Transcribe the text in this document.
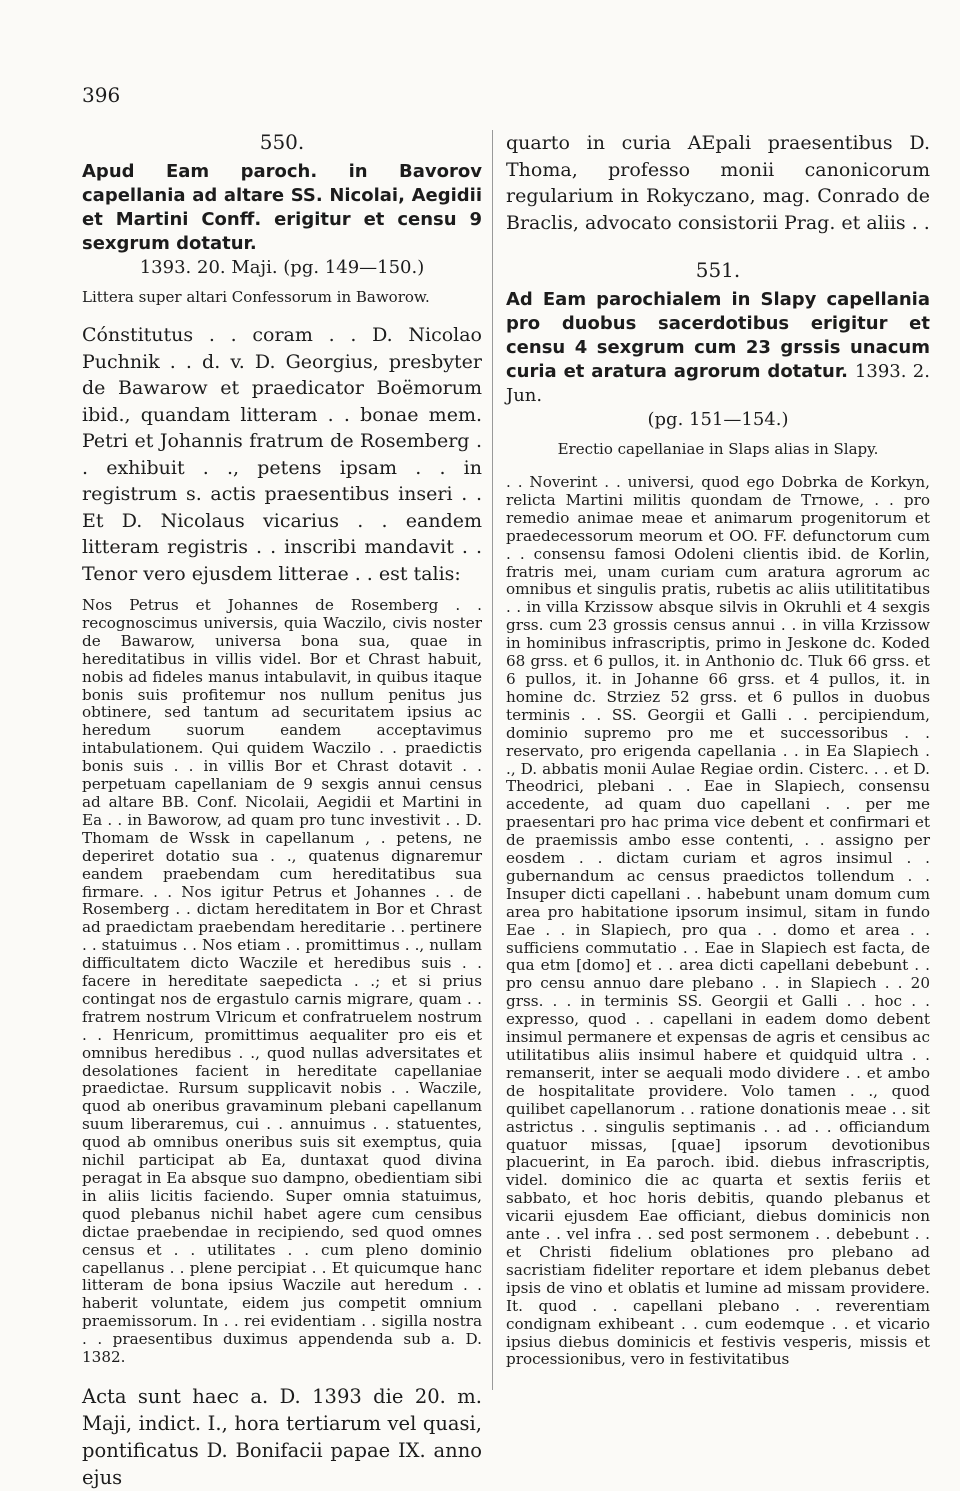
396
550.

Apud Eam paroch. in Bavorov capellania ad altare SS. Nicolai, Aegidii et Martini Conff. erigitur et censu 9 sexgrum dotatur.

1393. 20. Maji. (pg. 149—150.)

Littera super altari Confessorum in Baworow.

Cónstitutus . . coram . . D. Nicolao Puchnik . . d. v. D. Georgius, presbyter de Bawarow et praedicator Boëmorum ibid., quandam litteram . . bonae mem. Petri et Johannis fratrum de Rosemberg . . exhibuit . ., petens ipsam . . in registrum s. actis praesentibus inseri . . Et D. Nicolaus vicarius . . eandem litteram registris . . inscribi mandavit . . Tenor vero ejusdem litterae . . est talis:

Nos Petrus et Johannes de Rosemberg . . recognoscimus universis, quia Waczilo, civis noster de Bawarow, universa bona sua, quae in hereditatibus in villis videl. Bor et Chrast habuit, nobis ad fideles manus intabulavit, in quibus itaque bonis suis profitemur nos nullum penitus jus obtinere, sed tantum ad securitatem ipsius ac heredum suorum eandem acceptavimus intabulationem. Qui quidem Waczilo . . praedictis bonis suis . . in villis Bor et Chrast dotavit . . perpetuam capellaniam de 9 sexgis annui census ad altare BB. Conf. Nicolaii, Aegidii et Martini in Ea . . in Baworow, ad quam pro tunc investivit . . D. Thomam de Wssk in capellanum , . petens, ne deperiret dotatio sua . ., quatenus dignaremur eandem praebendam cum hereditatibus sua firmare. . . Nos igitur Petrus et Johannes . . de Rosemberg . . dictam hereditatem in Bor et Chrast ad praedictam praebendam hereditarie . . pertinere . . statuimus . . Nos etiam . . promittimus . ., nullam difficultatem dicto Waczile et heredibus suis . . facere in hereditate saepedicta . .; et si prius contingat nos de ergastulo carnis migrare, quam . . fratrem nostrum Vlricum et confratruelem nostrum . . Henricum, promittimus aequaliter pro eis et omnibus heredibus . ., quod nullas adversitates et desolationes facient in hereditate capellaniae praedictae. Rursum supplicavit nobis . . Waczile, quod ab oneribus gravaminum plebani capellanum suum liberaremus, cui . . annuimus . . statuentes, quod ab omnibus oneribus suis sit exemptus, quia nichil participat ab Ea, duntaxat quod divina peragat in Ea absque suo dampno, obedientiam sibi in aliis licitis faciendo. Super omnia statuimus, quod plebanus nichil habet agere cum censibus dictae praebendae in recipiendo, sed quod omnes census et . . utilitates . . cum pleno dominio capellanus . . plene percipiat . . Et quicumque hanc litteram de bona ipsius Waczile aut heredum . . haberit voluntate, eidem jus competit omnium praemissorum. In . . rei evidentiam . . sigilla nostra . . praesentibus duximus appendenda sub a. D. 1382.

Acta sunt haec a. D. 1393 die 20. m. Maji, indict. I., hora tertiarum vel quasi, pontificatus D. Bonifacii papae IX. anno ejus

quarto in curia AEpali praesentibus D. Thoma, professo monii canonicorum regularium in Rokyczano, mag. Conrado de Braclis, advocato consistorii Prag. et aliis . .

551.

Ad Eam parochialem in Slapy capellania pro duobus sacerdotibus erigitur et censu 4 sexgrum cum 23 grssis unacum curia et aratura agrorum dotatur. 1393. 2. Jun.

(pg. 151—154.)

Erectio capellaniae in Slaps alias in Slapy.

. . Noverint . . universi, quod ego Dobrka de Korkyn, relicta Martini militis quondam de Trnowe, . . pro remedio animae meae et animarum progenitorum et praedecessorum meorum et OO. FF. defunctorum cum . . consensu famosi Odoleni clientis ibid. de Korlin, fratris mei, unam curiam cum aratura agrorum ac omnibus et singulis pratis, rubetis ac aliis utilititatibus . . in villa Krzissow absque silvis in Okruhli et 4 sexgis grss. cum 23 grossis census annui . . in villa Krzissow in hominibus infrascriptis, primo in Jeskone dc. Koded 68 grss. et 6 pullos, it. in Anthonio dc. Tluk 66 grss. et 6 pullos, it. in Johanne 66 grss. et 4 pullos, it. in homine dc. Strziez 52 grss. et 6 pullos in duobus terminis . . SS. Georgii et Galli . . percipiendum, dominio supremo pro me et successoribus . . reservato, pro erigenda capellania . . in Ea Slapiech . ., D. abbatis monii Aulae Regiae ordin. Cisterc. . . et D. Theodrici, plebani . . Eae in Slapiech, consensu accedente, ad quam duo capellani . . per me praesentari pro hac prima vice debent et confirmari et de praemissis ambo esse contenti, . . assigno per eosdem . . dictam curiam et agros insimul . . gubernandum ac census praedictos tollendum . . Insuper dicti capellani . . habebunt unam domum cum area pro habitatione ipsorum insimul, sitam in fundo Eae . . in Slapiech, pro qua . . domo et area . . sufficiens commutatio . . Eae in Slapiech est facta, de qua etm [domo] et . . area dicti capellani debebunt . . pro censu annuo dare plebano . . in Slapiech . . 20 grss. . . in terminis SS. Georgii et Galli . . hoc . . expresso, quod . . capellani in eadem domo debent insimul permanere et expensas de agris et censibus ac utilitatibus aliis insimul habere et quidquid ultra . . remanserit, inter se aequali modo dividere . . et ambo de hospitalitate providere. Volo tamen . ., quod quilibet capellanorum . . ratione donationis meae . . sit astrictus . . singulis septimanis . . ad . . officiandum quatuor missas, [quae] ipsorum devotionibus placuerint, in Ea paroch. ibid. diebus infrascriptis, videl. dominico die ac quarta et sextis feriis et sabbato, et hoc horis debitis, quando plebanus et vicarii ejusdem Eae officiant, diebus dominicis non ante . . vel infra . . sed post sermonem . . debebunt . . et Christi fidelium oblationes pro plebano ad sacristiam fideliter reportare et idem plebanus debet ipsis de vino et oblatis et lumine ad missam providere. It. quod . . capellani plebano . . reverentiam condignam exhibeant . . cum eodemque . . et vicario ipsius diebus dominicis et festivis vesperis, missis et processionibus, vero in festivitatibus
